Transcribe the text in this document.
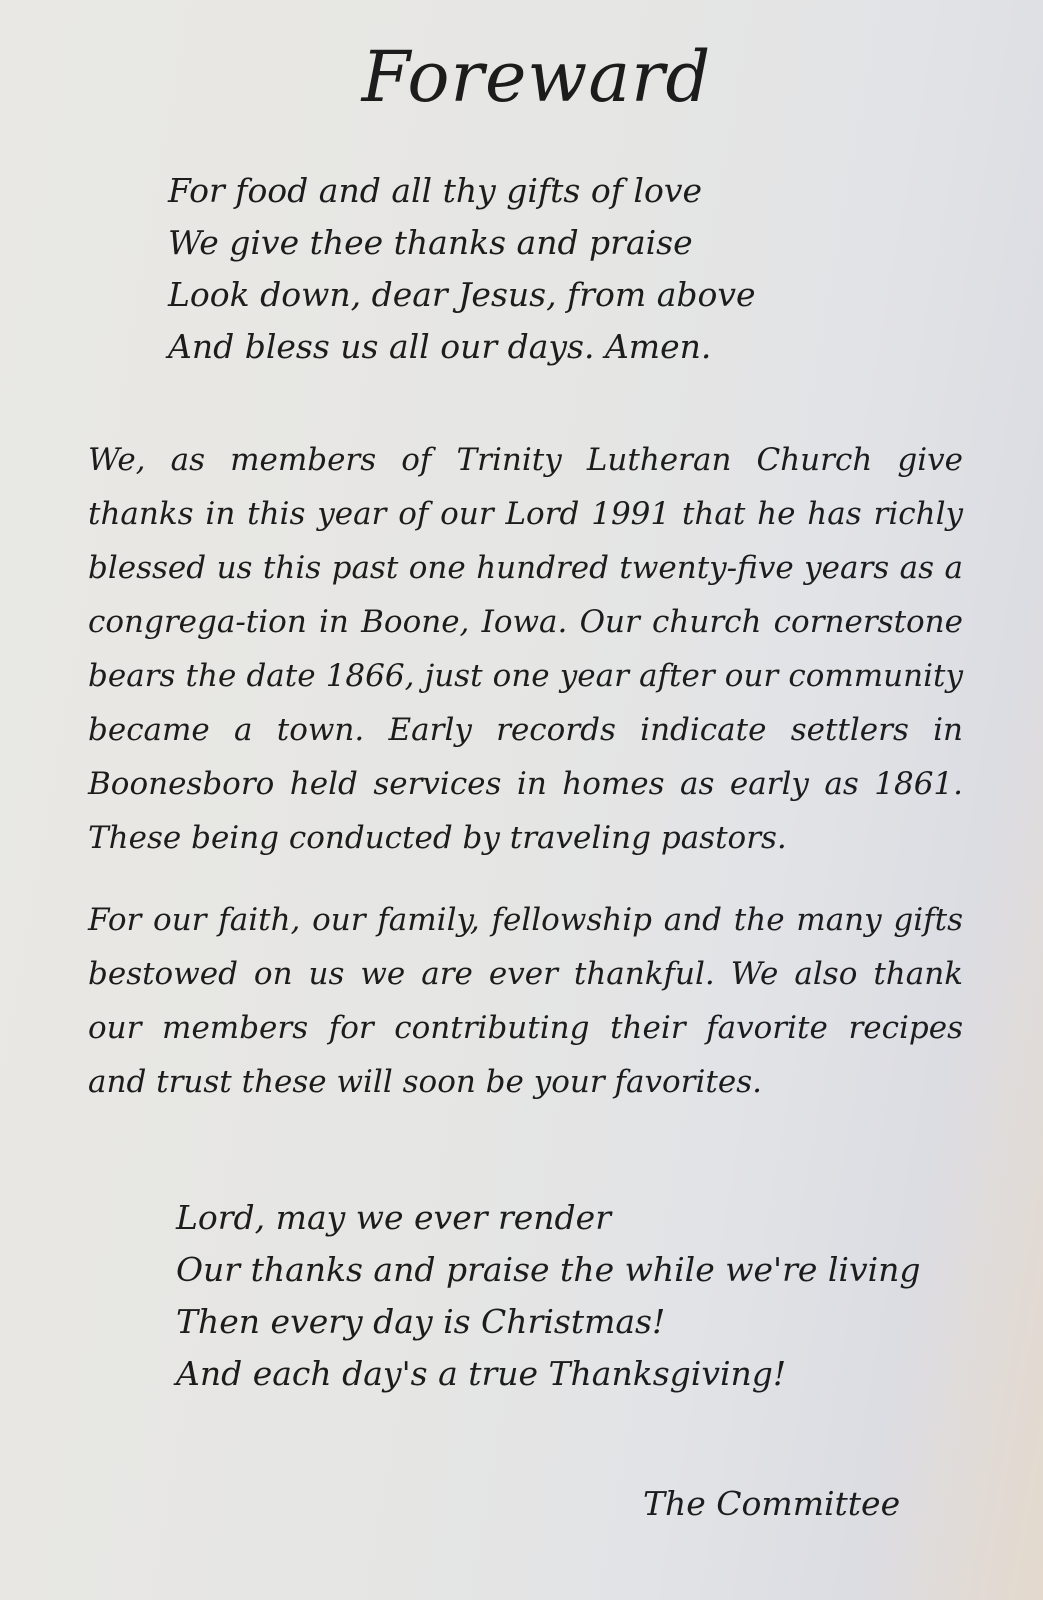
Foreward
For food and all thy gifts of love
We give thee thanks and praise
Look down, dear Jesus, from above
And bless us all our days. Amen.

We, as members of Trinity Lutheran Church give thanks in this year of our Lord 1991 that he has richly blessed us this past one hundred twenty-five years as a congrega-tion in Boone, Iowa. Our church cornerstone bears the date 1866, just one year after our community became a town. Early records indicate settlers in Boonesboro held services in homes as early as 1861. These being conducted by traveling pastors.

For our faith, our family, fellowship and the many gifts bestowed on us we are ever thankful. We also thank our members for contributing their favorite recipes and trust these will soon be your favorites.

Lord, may we ever render
Our thanks and praise the while we're living
Then every day is Christmas!
And each day's a true Thanksgiving!
The Committee
